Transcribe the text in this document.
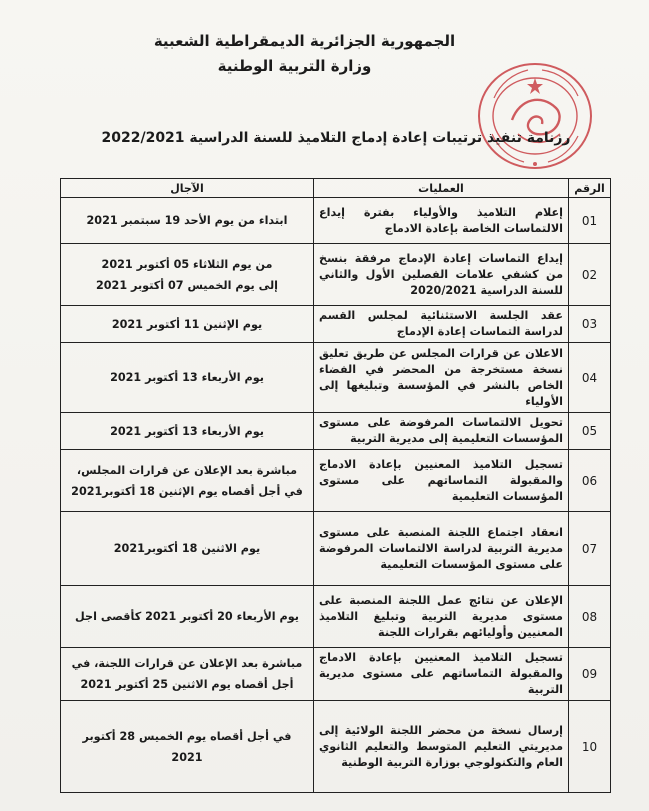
الجمهورية الجزائرية الديمقراطية الشعبية
وزارة التربية الوطنية
رزنامة تنفيذ ترتيبات إعادة إدماج التلاميذ للسنة الدراسية 2022/2021
الرقم	العمليات	الآجال
01	إعلام التلاميذ والأولياء بفترة إيداع الالتماسات الخاصة بإعادة الادماج	ابتداء من يوم الأحد 19 سبتمبر 2021
02	إيداع التماسات إعادة الإدماج مرفقة بنسخ من كشفي علامات الفصلين الأول والثاني للسنة الدراسية 2020/2021	من يوم الثلاثاء 05 أكتوبر 2021
إلى يوم الخميس 07 أكتوبر 2021
03	عقد الجلسة الاستثنائية لمجلس القسم لدراسة التماسات إعادة الإدماج	يوم الإثنين 11 أكتوبر 2021
04	الاعلان عن قرارات المجلس عن طريق تعليق نسخة مستخرجة من المحضر في الفضاء الخاص بالنشر في المؤسسة وتبليغها إلى الأولياء	يوم الأربعاء 13 أكتوبر 2021
05	تحويل الالتماسات المرفوضة على مستوى المؤسسات التعليمية إلى مديرية التربية	يوم الأربعاء 13 أكتوبر 2021
06	تسجيل التلاميذ المعنيين بإعادة الادماج والمقبولة التماساتهم على مستوى المؤسسات التعليمية	مباشرة بعد الإعلان عن قرارات المجلس، في أجل أقصاه يوم الإثنين 18 أكتوبر2021
07	انعقاد اجتماع اللجنة المنصبة على مستوى مديرية التربية لدراسة الالتماسات المرفوضة على مستوى المؤسسات التعليمية	يوم الاثنين 18 أكتوبر2021
08	الإعلان عن نتائج عمل اللجنة المنصبة على مستوى مديرية التربية وتبليغ التلاميذ المعنيين وأوليائهم بقرارات اللجنة	يوم الأربعاء 20 أكتوبر 2021 كأقصى اجل
09	تسجيل التلاميذ المعنيين بإعادة الادماج والمقبولة التماساتهم على مستوى مديرية التربية	مباشرة بعد الإعلان عن قرارات اللجنة، في أجل أقصاه يوم الاثنين 25 أكتوبر 2021
10	إرسال نسخة من محضر اللجنة الولائية إلى مديريتي التعليم المتوسط والتعليم الثانوي العام والتكنولوجي بوزارة التربية الوطنية	في أجل أقصاه يوم الخميس 28 أكتوبر 2021
